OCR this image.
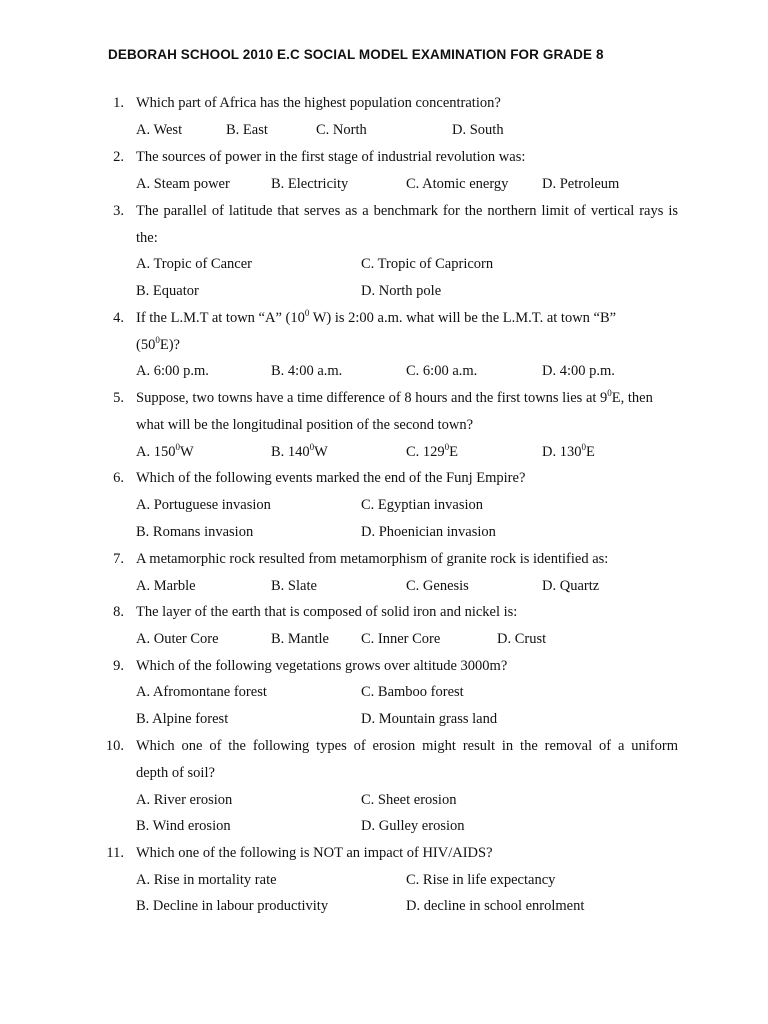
DEBORAH SCHOOL 2010 E.C SOCIAL MODEL EXAMINATION FOR GRADE 8
1. Which part of Africa has the highest population concentration?
A. West	B. East	C. North	D. South
2. The sources of power in the first stage of industrial revolution was:
A. Steam power	B. Electricity	C. Atomic energy D. Petroleum
3. The parallel of latitude that serves as a benchmark for the northern limit of vertical rays is
the:
A. Tropic of Cancer	C. Tropic of Capricorn
B. Equator	D. North pole
4. If the L.M.T at town “A” ($10^0$ W) is 2:00 a.m. what will be the L.M.T. at town “B”
$(50^0E)$?
A. 6:00 p.m.	B. 4:00 a.m.	C. 6:00 a.m.	D. 4:00 p.m.
5. Suppose, two towns have a time difference of 8 hours and the first towns lies at $9^0E$, then
what will be the longitudinal position of the second town?
A. $150^0W$	B. $140^0W$	C. $129^0E$	D. $130^0E$
6. Which of the following events marked the end of the Funj Empire?
A. Portuguese invasion	C. Egyptian invasion
B. Romans invasion	D. Phoenician invasion
7. A metamorphic rock resulted from metamorphism of granite rock is identified as:
A. Marble	B. Slate	C. Genesis	D. Quartz
8. The layer of the earth that is composed of solid iron and nickel is:
A. Outer Core	B. Mantle C. Inner Core	D. Crust
9. Which of the following vegetations grows over altitude 3000m?
A. Afromontane forest	C. Bamboo forest
B. Alpine forest	D. Mountain grass land
10. Which one of the following types of erosion might result in the removal of a uniform
depth of soil?
A. River erosion	C. Sheet erosion
B. Wind erosion	D. Gulley erosion
11. Which one of the following is NOT an impact of HIV/AIDS?
A. Rise in mortality rate	C. Rise in life expectancy
B. Decline in labour productivity	D. decline in school enrolment
